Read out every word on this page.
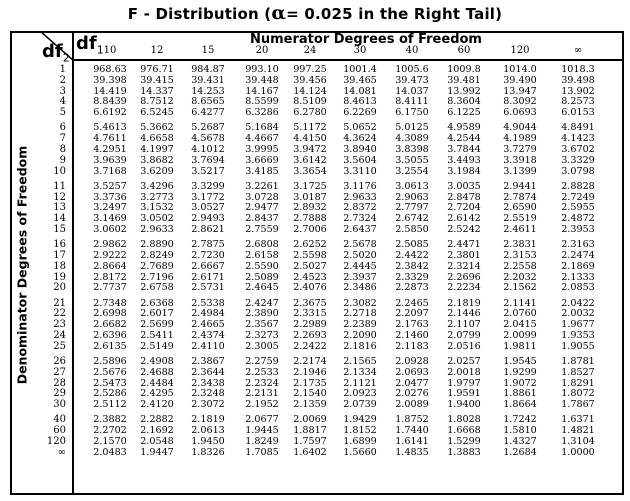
F - Distribution (α= 0.025 in the Right Tail)
$df_1$
$df_2$
Numerator Degrees of Freedom
Denominator Degrees of Freedom
10	12	15	20	24	30	40	60	120	∞
1	968.63	976.71	984.87	993.10	997.25	1001.4	1005.6	1009.8	1014.0	1018.3
2	39.398	39.415	39.431	39.448	39.456	39.465	39.473	39.481	39.490	39.498
3	14.419	14.337	14.253	14.167	14.124	14.081	14.037	13.992	13.947	13.902
4	8.8439	8.7512	8.6565	8.5599	8.5109	8.4613	8.4111	8.3604	8.3092	8.2573
5	6.6192	6.5245	6.4277	6.3286	6.2780	6.2269	6.1750	6.1225	6.0693	6.0153
6	5.4613	5.3662	5.2687	5.1684	5.1172	5.0652	5.0125	4.9589	4.9044	4.8491
7	4.7611	4.6658	4.5678	4.4667	4.4150	4.3624	4.3089	4.2544	4.1989	4.1423
8	4.2951	4.1997	4.1012	3.9995	3.9472	3.8940	3.8398	3.7844	3.7279	3.6702
9	3.9639	3.8682	3.7694	3.6669	3.6142	3.5604	3.5055	3.4493	3.3918	3.3329
10	3.7168	3.6209	3.5217	3.4185	3.3654	3.3110	3.2554	3.1984	3.1399	3.0798
11	3.5257	3.4296	3.3299	3.2261	3.1725	3.1176	3.0613	3.0035	2.9441	2.8828
12	3.3736	3.2773	3.1772	3.0728	3.0187	2.9633	2.9063	2.8478	2.7874	2.7249
13	3.2497	3.1532	3.0527	2.9477	2.8932	2.8372	2.7797	2.7204	2.6590	2.5955
14	3.1469	3.0502	2.9493	2.8437	2.7888	2.7324	2.6742	2.6142	2.5519	2.4872
15	3.0602	2.9633	2.8621	2.7559	2.7006	2.6437	2.5850	2.5242	2.4611	2.3953
16	2.9862	2.8890	2.7875	2.6808	2.6252	2.5678	2.5085	2.4471	2.3831	2.3163
17	2.9222	2.8249	2.7230	2.6158	2.5598	2.5020	2.4422	2.3801	2.3153	2.2474
18	2.8664	2.7689	2.6667	2.5590	2.5027	2.4445	2.3842	2.3214	2.2558	2.1869
19	2.8172	2.7196	2.6171	2.5089	2.4523	2.3937	2.3329	2.2696	2.2032	2.1333
20	2.7737	2.6758	2.5731	2.4645	2.4076	2.3486	2.2873	2.2234	2.1562	2.0853
21	2.7348	2.6368	2.5338	2.4247	2.3675	2.3082	2.2465	2.1819	2.1141	2.0422
22	2.6998	2.6017	2.4984	2.3890	2.3315	2.2718	2.2097	2.1446	2.0760	2.0032
23	2.6682	2.5699	2.4665	2.3567	2.2989	2.2389	2.1763	2.1107	2.0415	1.9677
24	2.6396	2.5411	2.4374	2.3273	2.2693	2.2090	2.1460	2.0799	2.0099	1.9353
25	2.6135	2.5149	2.4110	2.3005	2.2422	2.1816	2.1183	2.0516	1.9811	1.9055
26	2.5896	2.4908	2.3867	2.2759	2.2174	2.1565	2.0928	2.0257	1.9545	1.8781
27	2.5676	2.4688	2.3644	2.2533	2.1946	2.1334	2.0693	2.0018	1.9299	1.8527
28	2.5473	2.4484	2.3438	2.2324	2.1735	2.1121	2.0477	1.9797	1.9072	1.8291
29	2.5286	2.4295	2.3248	2.2131	2.1540	2.0923	2.0276	1.9591	1.8861	1.8072
30	2.5112	2.4120	2.3072	2.1952	2.1359	2.0739	2.0089	1.9400	1.8664	1.7867
40	2.3882	2.2882	2.1819	2.0677	2.0069	1.9429	1.8752	1.8028	1.7242	1.6371
60	2.2702	2.1692	2.0613	1.9445	1.8817	1.8152	1.7440	1.6668	1.5810	1.4821
120	2.1570	2.0548	1.9450	1.8249	1.7597	1.6899	1.6141	1.5299	1.4327	1.3104
∞	2.0483	1.9447	1.8326	1.7085	1.6402	1.5660	1.4835	1.3883	1.2684	1.0000
